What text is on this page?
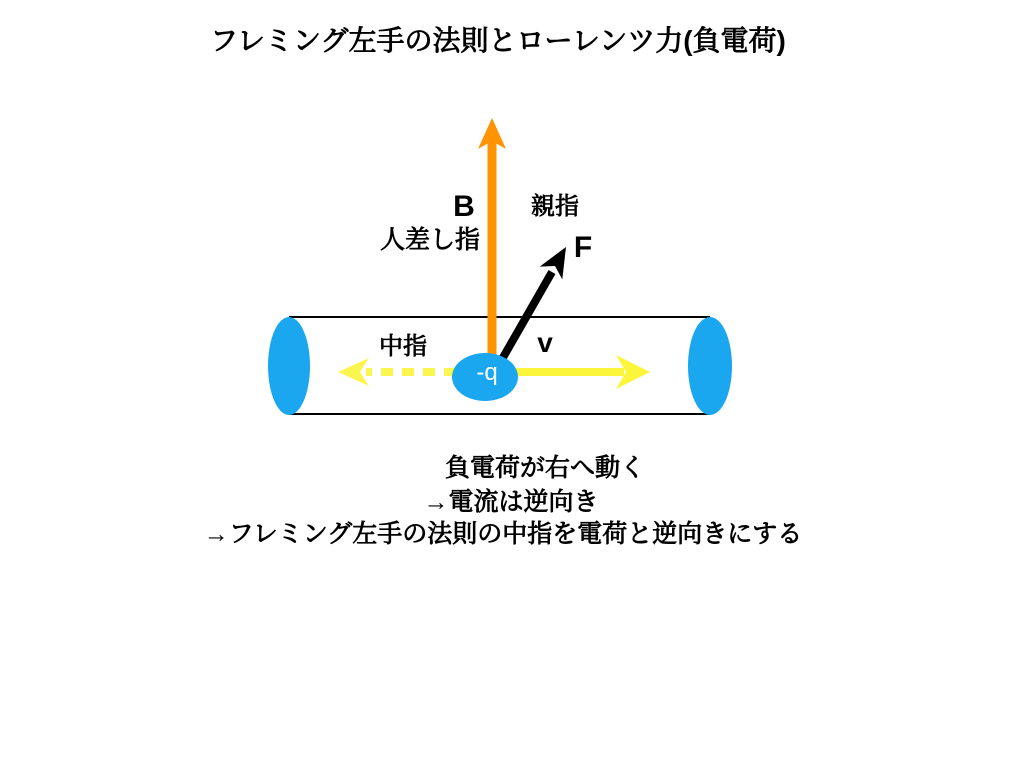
フレミング左手の法則とローレンツ力(負電荷)
B 親指
人差し指	F
中指	v
-q
負電荷が右へ動く
→電流は逆向き
→フレミング左手の法則の中指を電荷と逆向きにする
